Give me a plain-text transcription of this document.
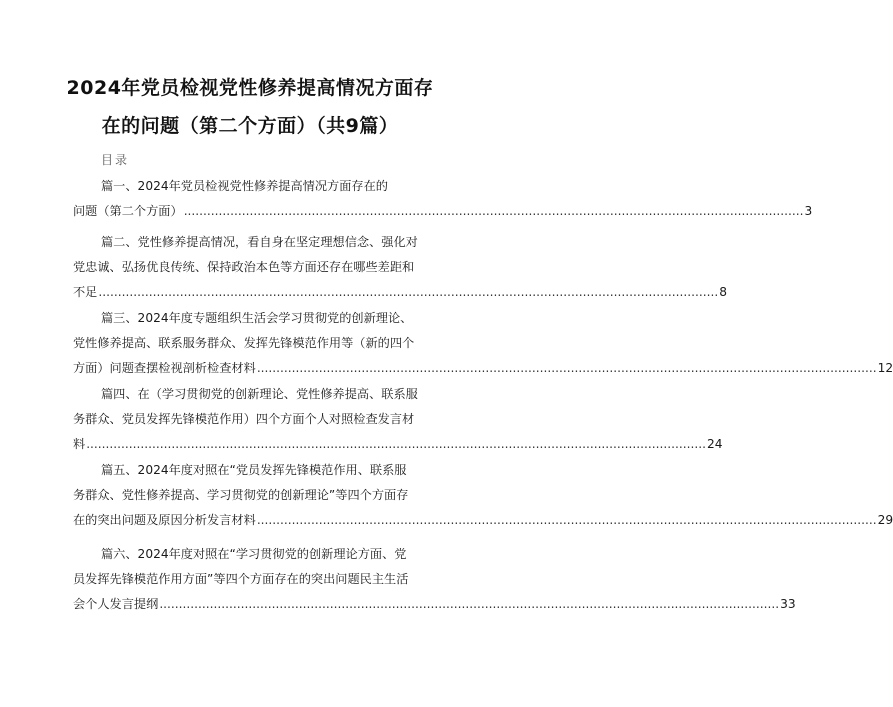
2024年党员检视党性修养提高情况方面存
在的问题（第二个方面）（共9篇）
目录
篇一、2024年党员检视党性修养提高情况方面存在的
问题（第二个方面） ................................................................................................................................................................ 3
篇二、党性修养提高情况，看自身在坚定理想信念、强化对
党忠诚、弘扬优良传统、保持政治本色等方面还存在哪些差距和
不足 ................................................................................................................................................................ 8
篇三、2024年度专题组织生活会学习贯彻党的创新理论、
党性修养提高、联系服务群众、发挥先锋模范作用等（新的四个
方面）问题查摆检视剖析检查材料 ................................................................................................................................................................ 12
篇四、在（学习贯彻党的创新理论、党性修养提高、联系服
务群众、党员发挥先锋模范作用）四个方面个人对照检查发言材
料 ................................................................................................................................................................ 24
篇五、2024年度对照在“党员发挥先锋模范作用、联系服
务群众、党性修养提高、学习贯彻党的创新理论”等四个方面存
在的突出问题及原因分析发言材料 ................................................................................................................................................................ 29
篇六、2024年度对照在“学习贯彻党的创新理论方面、党
员发挥先锋模范作用方面”等四个方面存在的突出问题民主生活
会个人发言提纲 ................................................................................................................................................................ 33
